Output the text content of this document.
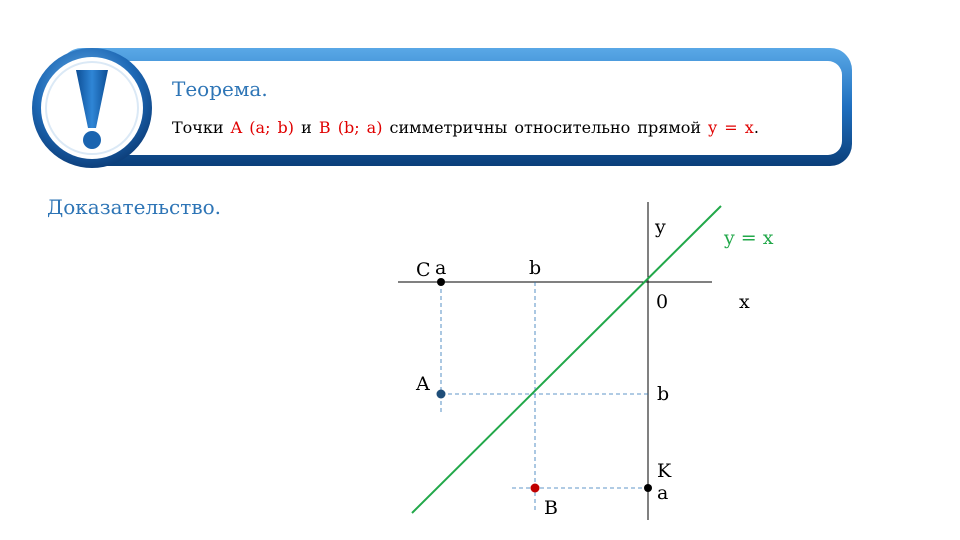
Теорема.
Точки A (a; b) и B (b; a) симметричны относительно прямой y = x.
Доказательство.
y
x
0
y = x
C a	b
A	b
K
a
B
